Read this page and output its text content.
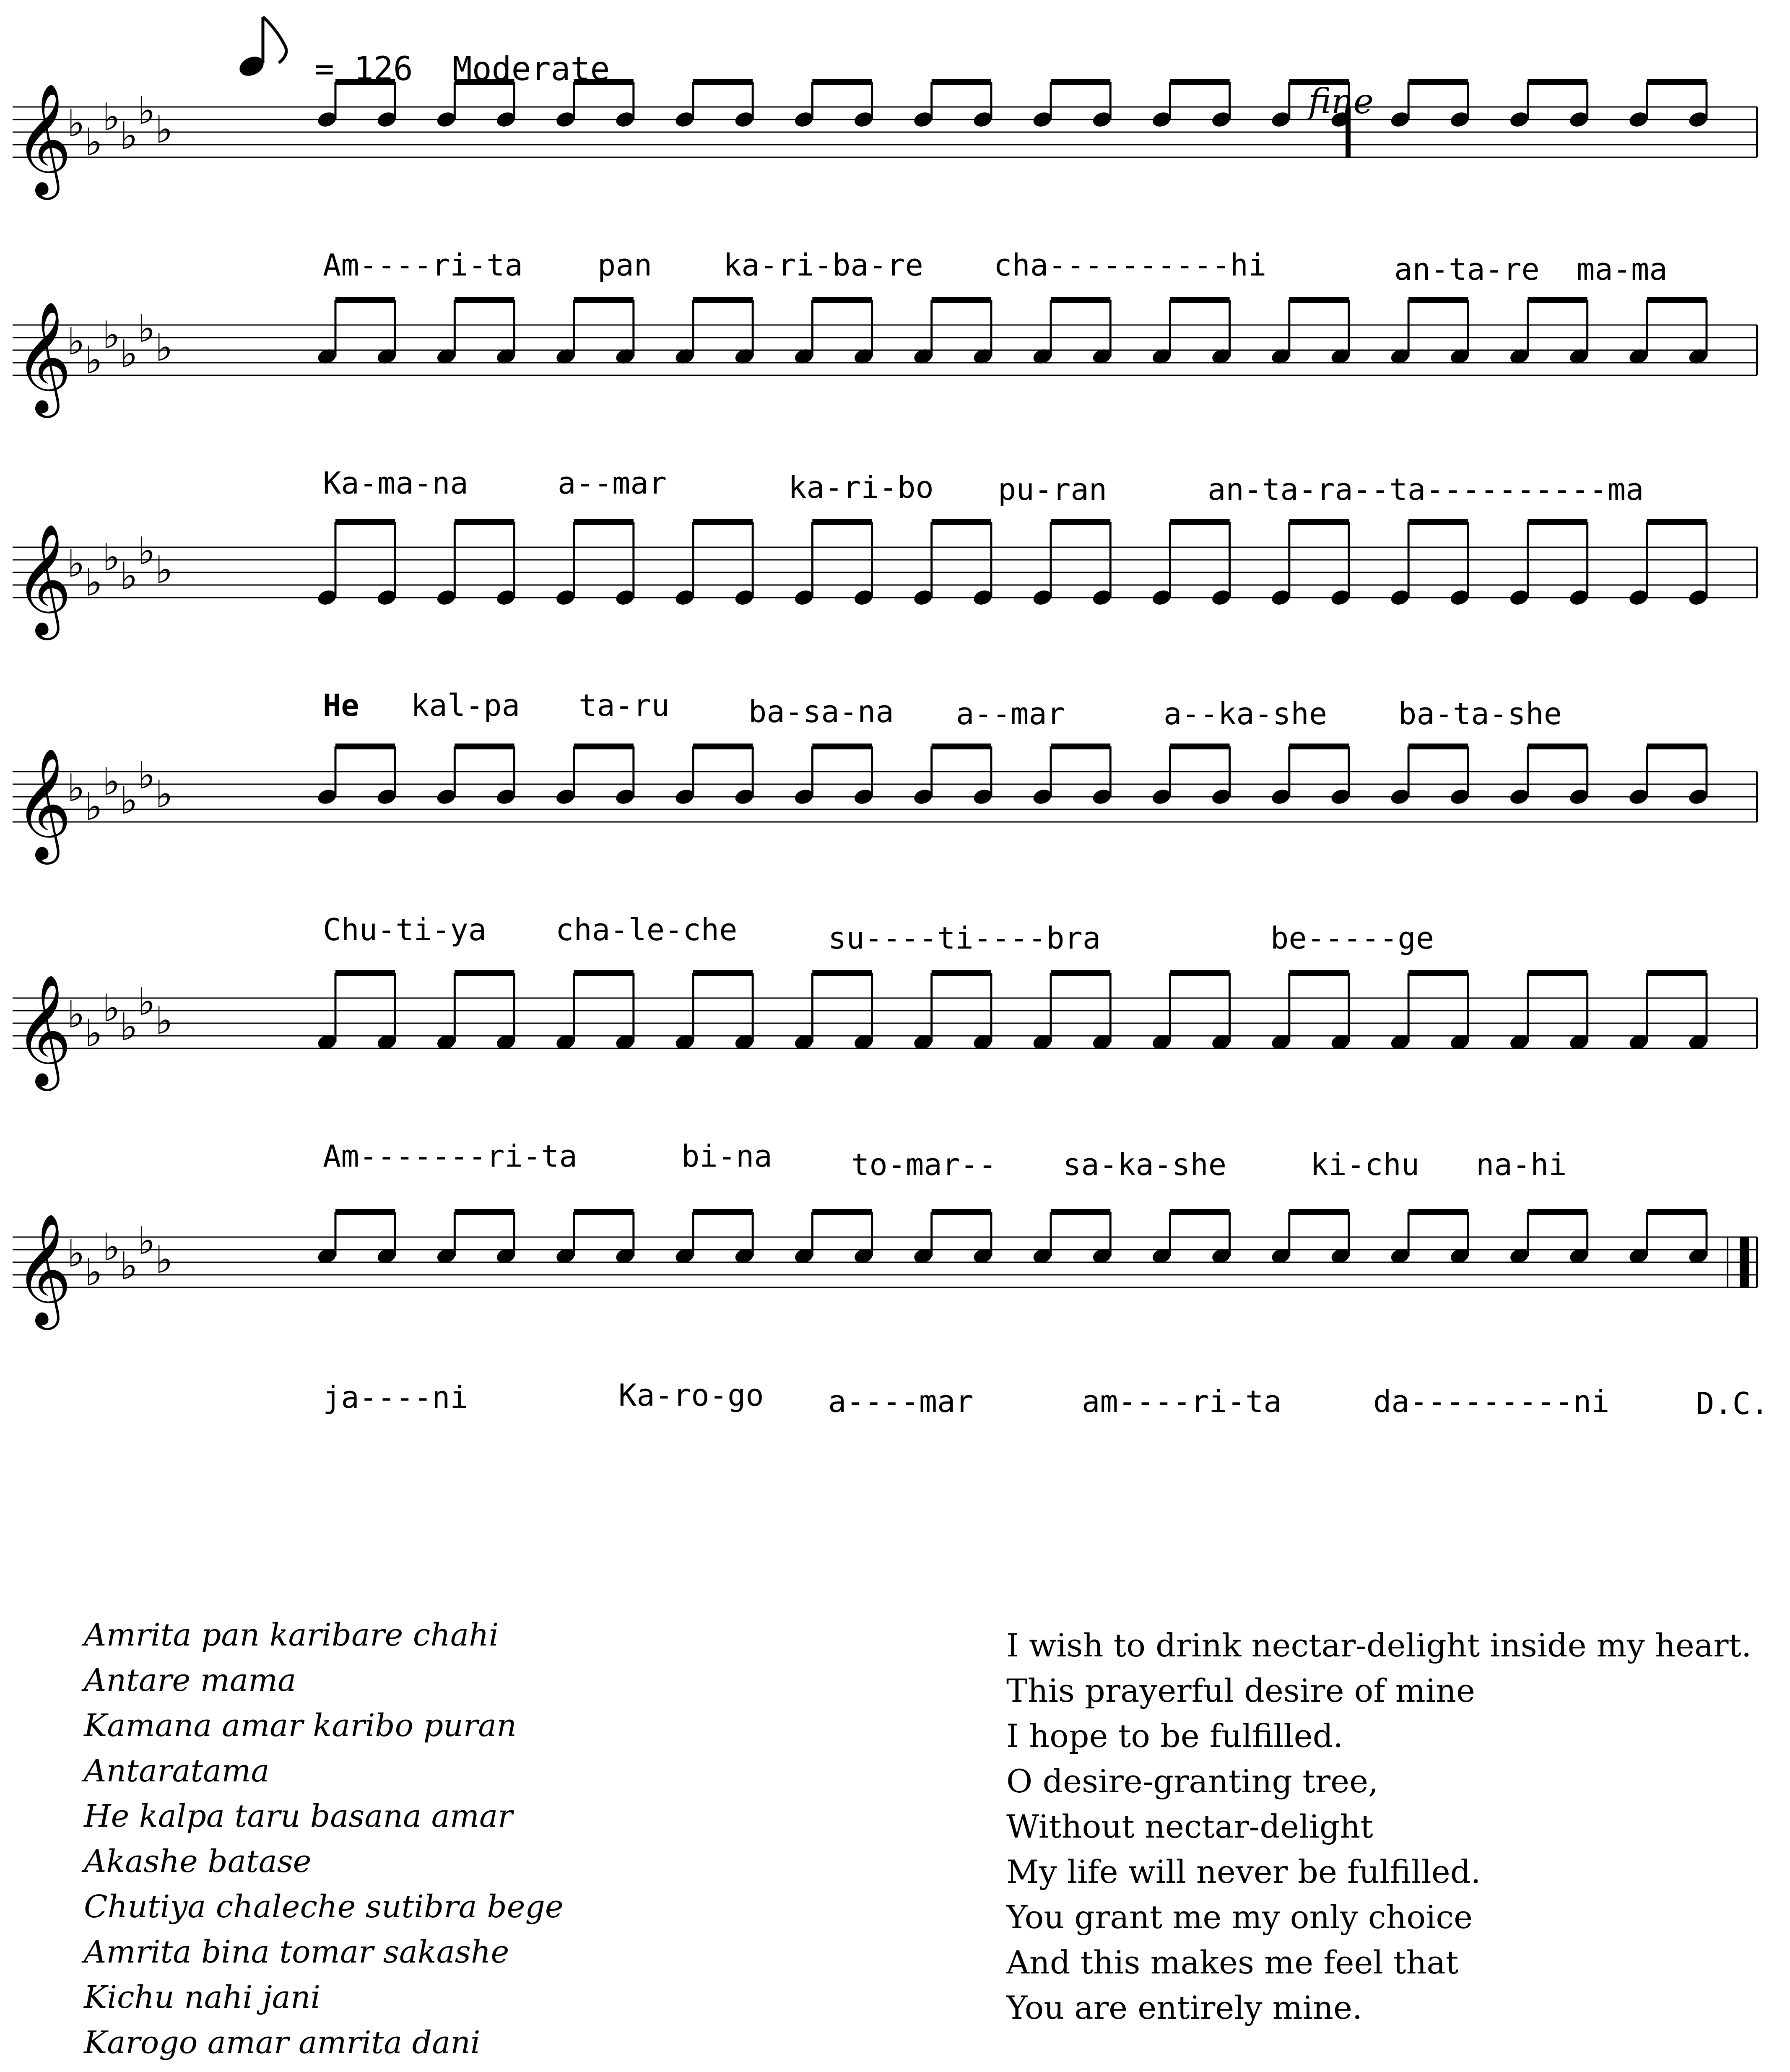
𝄞
♭ ♭
♭ ♭
♭ ♭
𝄞
♭ ♭
♭ ♭
♭ ♭
𝄞
♭ ♭
♭ ♭
♭ ♭
𝄞
♭ ♭
♭ ♭
♭ ♭
𝄞
♭ ♭
♭ ♭
♭ ♭
𝄞
♭ ♭
♭ ♭
♭ ♭
= 126 Moderate
fine
Am----ri-ta pan ka-ri-ba-re cha----------hi	an-ta-re ma-ma
Ka-ma-na	a--mar	ka-ri-bo pu-ran	an-ta-ra--ta----------ma
He kal-pa ta-ru	ba-sa-na a--mar	a--ka-she ba-ta-she
Chu-ti-ya cha-le-che	su----ti----bra	be-----ge
Am-------ri-ta	bi-na	to-mar-- sa-ka-she	ki-chu na-hi
ja----ni	Ka-ro-go a----mar	am----ri-ta	da---------ni	D.C.
Amrita pan karibare chahi
Antare mama
Kamana amar karibo puran
Antaratama
He kalpa taru basana amar
Akashe batase
Chutiya chaleche sutibra bege
Amrita bina tomar sakashe
Kichu nahi jani
Karogo amar amrita dani
I wish to drink nectar-delight inside my heart.
This prayerful desire of mine
I hope to be fulfilled.
O desire-granting tree,
Without nectar-delight
My life will never be fulfilled.
You grant me my only choice
And this makes me feel that
You are entirely mine.
